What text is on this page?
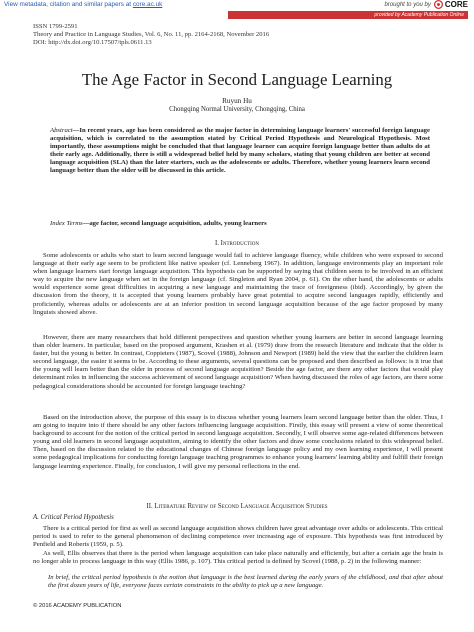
View metadata, citation and similar papers at core.ac.uk	brought to you by CORE
provided by Academy Publication Online
ISSN 1799-2591
Theory and Practice in Language Studies, Vol. 6, No. 11, pp. 2164-2168, November 2016
DOI: http://dx.doi.org/10.17507/tpls.0611.13
The Age Factor in Second Language Learning
Ruyun Hu
Chongqing Normal University, Chongqing, China
Abstract—In recent years, age has been considered as the major factor in determining language learners' successful foreign language acquisition, which is correlated to the assumption stated by Critical Period Hypothesis and Neurological Hypothesis. Most importantly, these assumptions might be concluded that that language learner can acquire foreign language better than adults do at their early age. Additionally, there is still a widespread belief held by many scholars, stating that young children are better at second language acquisition (SLA) than the later starters, such as the adolescents or adults. Therefore, whether young learners learn second language better than the older will be discussed in this article.
Index Terms—age factor, second language acquisition, adults, young learners
I. Introduction
Some adolescents or adults who start to learn second language would fail to achieve language fluency, while children who were exposed to second language at their early age seem to be proficient like native speaker (cf. Lenneberg 1967). In addition, language environments play an important role when language learners start foreign language acquisition. This hypothesis can be supported by saying that children seem to be involved in an efficient way to acquire the new language when set in the foreign language (cf. Singleton and Ryan 2004, p. 61). On the other hand, the adolescents or adults would experience some great difficulties in acquiring a new language and maintaining the trace of foreignness (ibid). Accordingly, by given the discussion from the theory, it is accepted that young learners probably have great potential to acquire second languages rapidly, efficiently and proficiently, whereas adults or adolescents are at an inferior position in second language acquisition because of the age factor proposed by many linguists showed above.
However, there are many researchers that hold different perspectives and question whether young learners are better in second language learning than older learners. In particular, based on the proposed argument, Krashen et al. (1979) draw from the research literature and indicate that the older is faster, but the young is better. In contrast, Coppieters (1987), Scovel (1988), Johnson and Newport (1989) held the view that the earlier the children learn second language, the easier it seems to be. According to these arguments, several questions can be proposed and then described as follows: is it true that the young will learn better than the older in process of second language acquisition? Beside the age factor, are there any other factors that would play determinant roles in influencing the success achievement of second language acquisition? When having discussed the roles of age factors, are there some pedagogical considerations should be accounted for foreign language teaching?
Based on the introduction above, the purpose of this essay is to discuss whether young learners learn second language better than the older. Thus, I am going to inquire into if there should be any other factors influencing language acquisition. Firstly, this essay will present a view of some theoretical background to account for the notion of the critical period in second language acquisition. Secondly, I will observe some age-related differences between young and old learners in second language acquisition, aiming to identify the other factors and draw some conclusions related to this widespread belief. Then, based on the discussion related to the educational changes of Chinese foreign language policy and my own learning experience, I will present some pedagogical implications for conducting foreign language teaching programmes to enhance young learners' learning ability and fulfill their foreign language learning experience. Finally, for conclusion, I will give my personal reflections in the end.
II. Literature Review of Second Language Acquisition Studies
A. Critical Period Hypothesis
There is a critical period for first as well as second language acquisition shows children have great advantage over adults or adolescents. This critical period is used to refer to the general phenomenon of declining competence over increasing age of exposure. This hypothesis was first introduced by Penfield and Roberts (1959, p. 5).
As well, Ellis observes that there is the period when language acquisition can take place naturally and efficiently, but after a certain age the brain is no longer able to process language in this way (Ellis 1986, p. 107). This critical period is defined by Scovel (1988, p. 2) in the following manner:
In brief, the critical period hypothesis is the notion that language is the best learned during the early years of the childhood, and that after about the first dozen years of life, everyone faces certain constraints in the ability to pick up a new language.
© 2016 ACADEMY PUBLICATION
